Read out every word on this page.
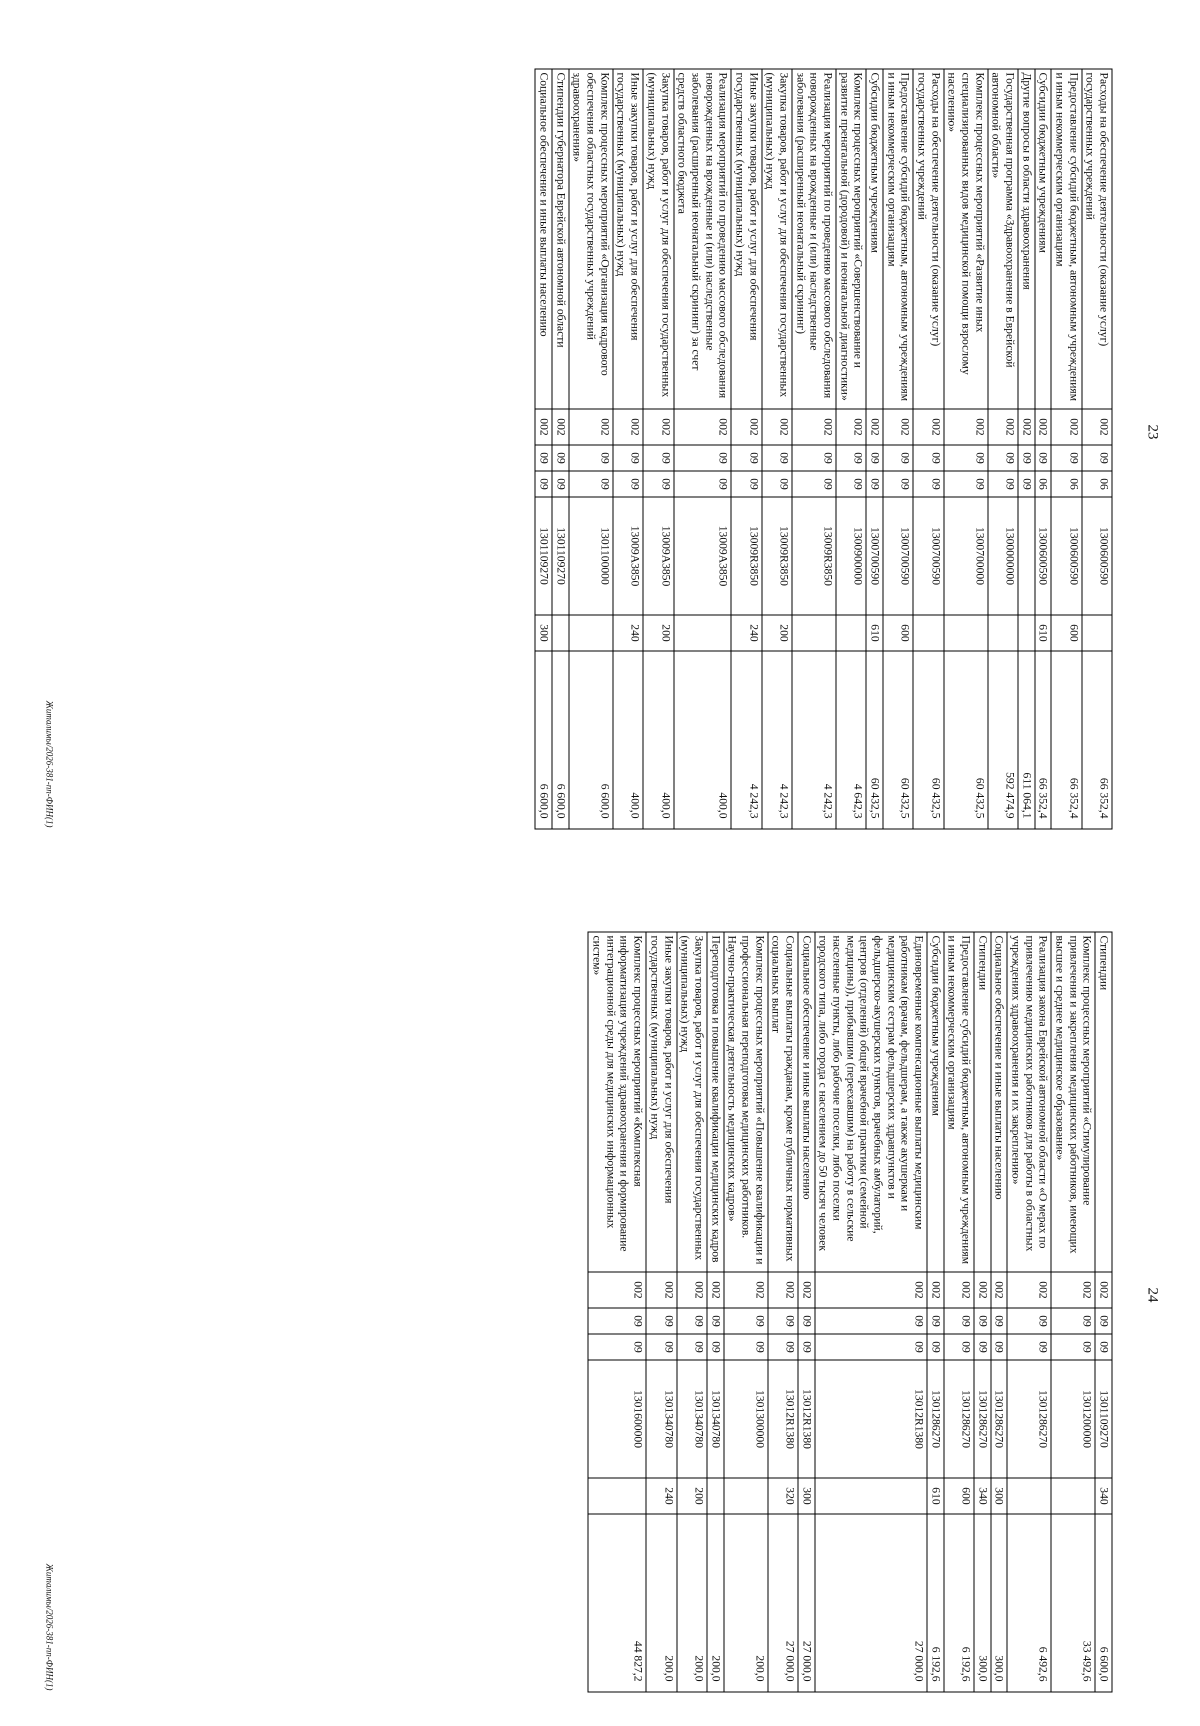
23
Расходы на обеспечение деятельности (оказание услуг) государственных учреждений	002	09	06	1300600590		66 352,4
Предоставление субсидий бюджетным, автономным учреждениям и иным некоммерческим организациям	002	09	06	1300600590	600	66 352,4
Субсидии бюджетным учреждениям	002	09	06	1300600590	610	66 352,4
Другие вопросы в области здравоохранения	002	09	09			611 064,1
Государственная программа «Здравоохранение в Еврейской автономной области»	002	09	09	1300000000		592 474,9
Комплекс процессных мероприятий «Развитие иных специализированных видов медицинской помощи взрослому населению»	002	09	09	1300700000		60 432,5
Расходы на обеспечение деятельности (оказание услуг) государственных учреждений	002	09	09	1300700590		60 432,5
Предоставление субсидий бюджетным, автономным учреждениям и иным некоммерческим организациям	002	09	09	1300700590	600	60 432,5
Субсидии бюджетным учреждениям	002	09	09	1300700590	610	60 432,5
Комплекс процессных мероприятий «Совершенствование и развитие пренатальной (дородовой) и неонатальной диагностики»	002	09	09	1300900000		4 642,3
Реализация мероприятий по проведению массового обследования новорожденных на врожденные и (или) наследственные заболевания (расширенный неонатальный скрининг)	002	09	09	13009R3850		4 242,3
Закупка товаров, работ и услуг для обеспечения государственных (муниципальных) нужд	002	09	09	13009R3850	200	4 242,3
Иные закупки товаров, работ и услуг для обеспечения государственных (муниципальных) нужд	002	09	09	13009R3850	240	4 242,3
Реализация мероприятий по проведению массового обследования новорожденных на врожденные и (или) наследственные заболевания (расширенный неонатальный скрининг) за счет средств областного бюджета	002	09	09	13009A3850		400,0
Закупка товаров, работ и услуг для обеспечения государственных (муниципальных) нужд	002	09	09	13009A3850	200	400,0
Иные закупки товаров, работ и услуг для обеспечения государственных (муниципальных) нужд	002	09	09	13009A3850	240	400,0
Комплекс процессных мероприятий «Организация кадрового обеспечения областных государственных учреждений здравоохранения»	002	09	09	1301100000		6 600,0
Стипендии губернатора Еврейской автономной области	002	09	09	1301109270		6 600,0
Социальное обеспечение и иные выплаты населению	002	09	09	1301109270	300	6 600,0
Житалимы/2026-381-пп-ФИН(1)
24
Стипендии	002	09	09	1301109270	340	6 600,0
Комплекс процессных мероприятий «Стимулирование привлечения и закрепления медицинских работников, имеющих высшее и среднее медицинское образование»	002	09	09	1301200000		33 492,6
Реализация закона Еврейской автономной области «О мерах по привлечению медицинских работников для работы в областных учреждениях здравоохранения и их закреплению»	002	09	09	1301286270		6 492,6
Социальное обеспечение и иные выплаты населению	002	09	09	1301286270	300	300,0
Стипендии	002	09	09	1301286270	340	300,0
Предоставление субсидий бюджетным, автономным учреждениям и иным некоммерческим организациям	002	09	09	1301286270	600	6 192,6
Субсидии бюджетным учреждениям	002	09	09	1301286270	610	6 192,6
Единовременные компенсационные выплаты медицинским работникам (врачам, фельдшерам, а также акушеркам и медицинским сестрам фельдшерских здравпунктов и фельдшерско-акушерских пунктов, врачебных амбулаторий, центров (отделений) общей врачебной практики (семейной медицины)), прибывшим (переехавшим) на работу в сельские населенные пункты, либо рабочие поселки, либо поселки городского типа, либо города с населением до 50 тысяч человек	002	09	09	13012R1380		27 000,0
Социальное обеспечение и иные выплаты населению	002	09	09	13012R1380	300	27 000,0
Социальные выплаты гражданам, кроме публичных нормативных социальных выплат	002	09	09	13012R1380	320	27 000,0
Комплекс процессных мероприятий «Повышение квалификации и профессиональная переподготовка медицинских работников. Научно-практическая деятельность медицинских кадров»	002	09	09	1301300000		200,0
Переподготовка и повышение квалификации медицинских кадров	002	09	09	1301340780		200,0
Закупка товаров, работ и услуг для обеспечения государственных (муниципальных) нужд	002	09	09	1301340780	200	200,0
Иные закупки товаров, работ и услуг для обеспечения государственных (муниципальных) нужд	002	09	09	1301340780	240	200,0
Комплекс процессных мероприятий «Комплексная информатизация учреждений здравоохранения и формирование интеграционной среды для медицинских информационных систем»	002	09	09	1301600000		44 827,2
Житалимы/2026-381-пп-ФИН(1)
